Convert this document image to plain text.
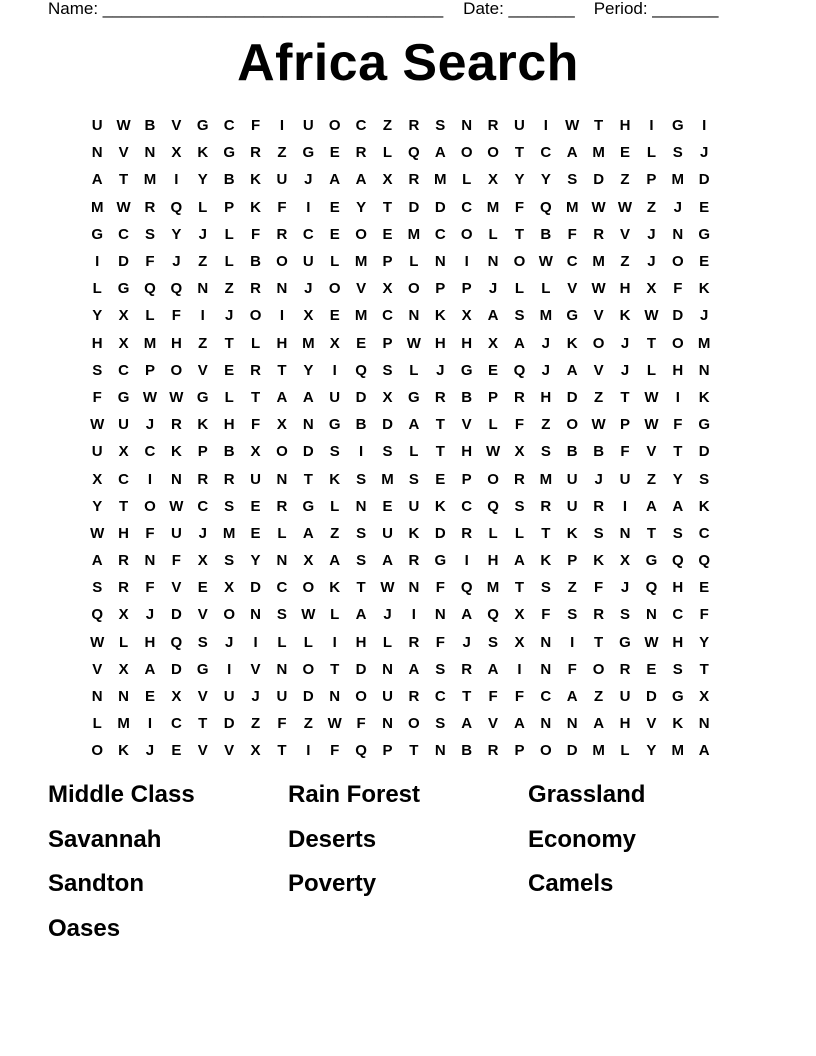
Name: ____________________________________ Date: _______ Period: _______
Africa Search
U W B	V	G	C	F	I	U	O	C	Z	R	S	N	R	U	I	W T	H	I	G	I
N	V	N	X	K	G	R	Z	G	E	R	L	Q	A	O O	T	C	A M	E	L	S	J
A	T	M	I	Y	B	K	U	J	A	A	X	R M	L	X	Y	Y	S	D	Z	P	M D
M W R	Q	L	P	K	F	I	E	Y	T	D	D	C M	F	Q M W W Z	J	E
G	C	S	Y	J	L	F	R	C	E	O	E	M C	O	L	T	B	F	R	V	J	N	G
I	D	F	J	Z	L	B	O	U	L	M	P	L	N	I	N	O W C M	Z	J	O	E
L	G Q Q	N	Z	R	N	J	O	V	X	O	P	P	J	L	L	V W H	X	F	K
Y	X	L	F	I	J	O	I	X	E	M C	N	K	X	A	S	M G	V	K W D	J
H	X	M H	Z	T	L	H M	X	E	P W H	H	X	A	J	K	O	J	T	O M
S	C	P	O	V	E	R	T	Y	I	Q	S	L	J	G	E	Q	J	A	V	J	L	H	N
F	G W W G	L	T	A	A	U	D	X	G	R	B	P	R	H	D	Z	T W	I	K
W U	J	R	K	H	F	X	N	G	B	D	A	T	V	L	F	Z	O W P W F	G
U	X	C	K	P	B	X	O	D	S	I	S	L	T	H W X	S	B	B	F	V	T	D
X	C	I	N	R	R	U	N	T	K	S	M	S	E	P	O	R M U	J	U	Z	Y	S
Y	T	O W C	S	E	R	G	L	N	E	U	K	C	Q	S	R	U	R	I	A	A	K
W H	F	U	J	M	E	L	A	Z	S	U	K	D	R	L	L	T	K	S	N	T	S	C
A	R	N	F	X	S	Y	N	X	A	S	A	R	G	I	H	A	K	P	K	X	G Q Q
S	R	F	V	E	X	D	C	O	K	T W N	F	Q M	T	S	Z	F	J	Q	H	E
Q	X	J	D	V	O	N	S W L	A	J	I	N	A	Q	X	F	S	R	S	N	C	F
W L	H	Q	S	J	I	L	L	I	H	L	R	F	J	S	X	N	I	T	G W H	Y
V	X	A	D	G	I	V	N	O	T	D	N	A	S	R	A	I	N	F	O	R	E	S	T
N	N	E	X	V	U	J	U	D	N	O	U	R	C	T	F	F	C	A	Z	U	D	G	X
L	M	I	C	T	D	Z	F	Z W F	N	O	S	A	V	A	N	N	A	H	V	K	N
O	K	J	E	V	V	X	T	I	F	Q	P	T	N	B	R	P	O	D M	L	Y	M A
Middle Class	Rain Forest	Grassland
Savannah	Deserts	Economy
Sandton	Poverty	Camels
Oases
